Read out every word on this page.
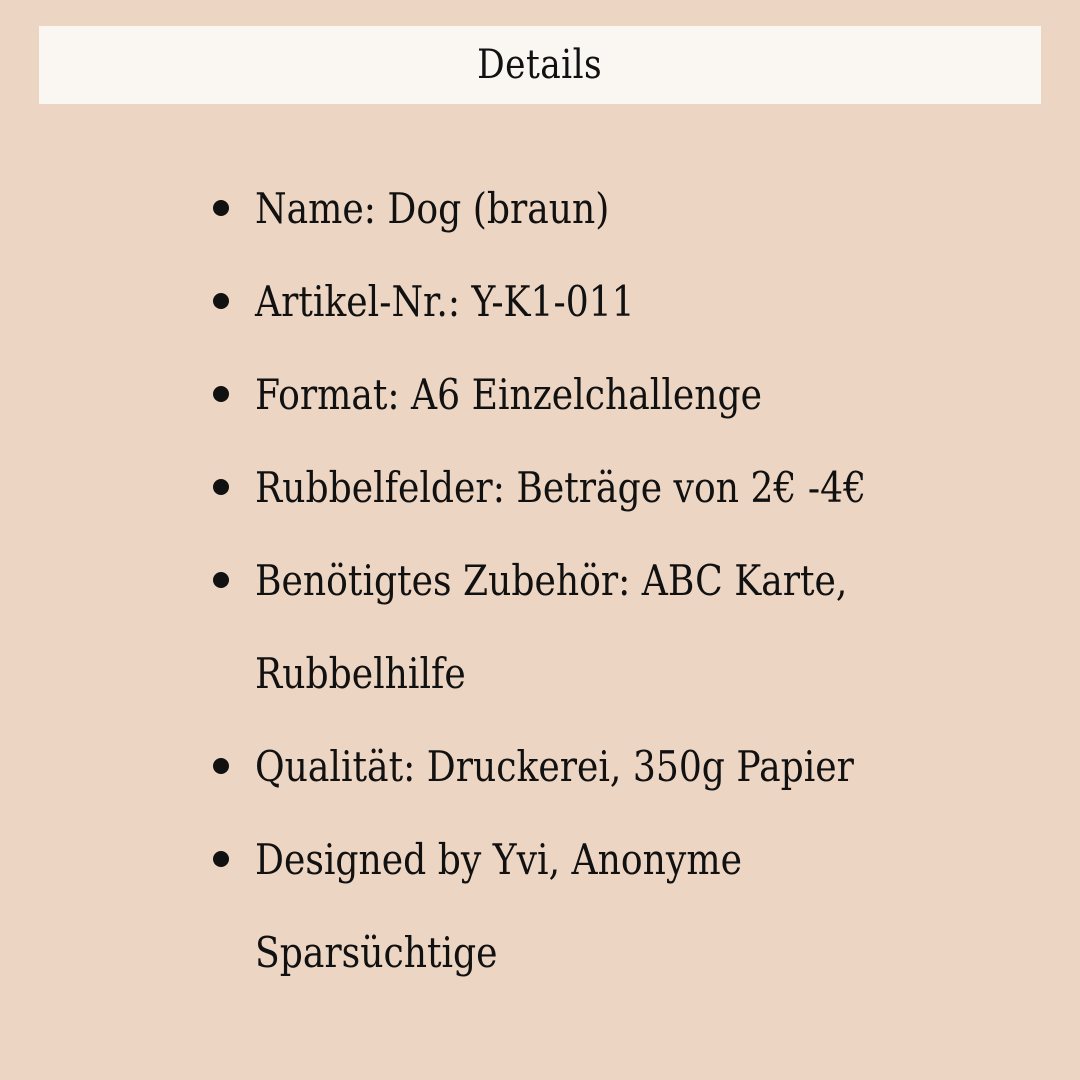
Details
Name: Dog (braun)
Artikel-Nr.: Y-K1-011
Format: A6 Einzelchallenge
Rubbelfelder: Beträge von 2€ -4€
Benötigtes Zubehör: ABC Karte,
Rubbelhilfe
Qualität: Druckerei, 350g Papier
Designed by Yvi, Anonyme
Sparsüchtige
